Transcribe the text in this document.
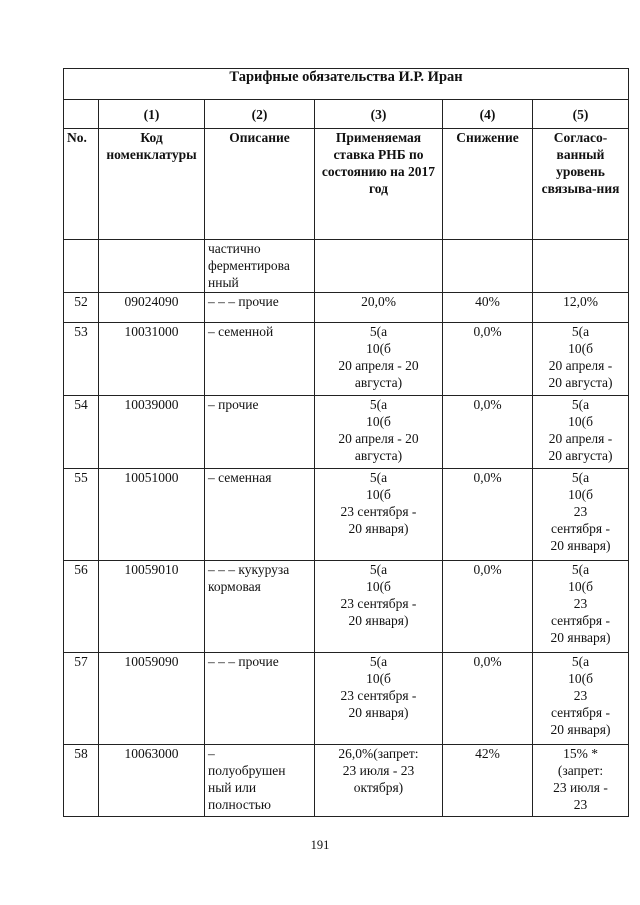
Тарифные обязательства И.Р. Иран					
	(1)	(2)	(3)	(4)	(5)
No.	Код номенклатуры	Описание	Применяемая ставка РНБ по состоянию на 2017 год	Снижение	Согласо-ванный уровень связыва-ния
		частично
ферментирова
нный			
52	09024090	– – – прочие	20,0%	40%	12,0%
53	10031000	– семенной	5(а
10(б
20 апреля - 20
августа)	0,0%	5(а
10(б
20 апреля -
20 августа)
54	10039000	– прочие	5(а
10(б
20 апреля - 20
августа)	0,0%	5(а
10(б
20 апреля -
20 августа)
55	10051000	– семенная	5(а
10(б
23 сентября -
20 января)	0,0%	5(а
10(б
23
сентября -
20 января)
56	10059010	– – – кукуруза
кормовая	5(а
10(б
23 сентября -
20 января)	0,0%	5(а
10(б
23
сентября -
20 января)
57	10059090	– – – прочие	5(а
10(б
23 сентября -
20 января)	0,0%	5(а
10(б
23
сентября -
20 января)
58	10063000	–
полуобрушен
ный или
полностью	26,0%(запрет:
23 июля - 23
октября)	42%	15% *
(запрет:
23 июля -
23
191
